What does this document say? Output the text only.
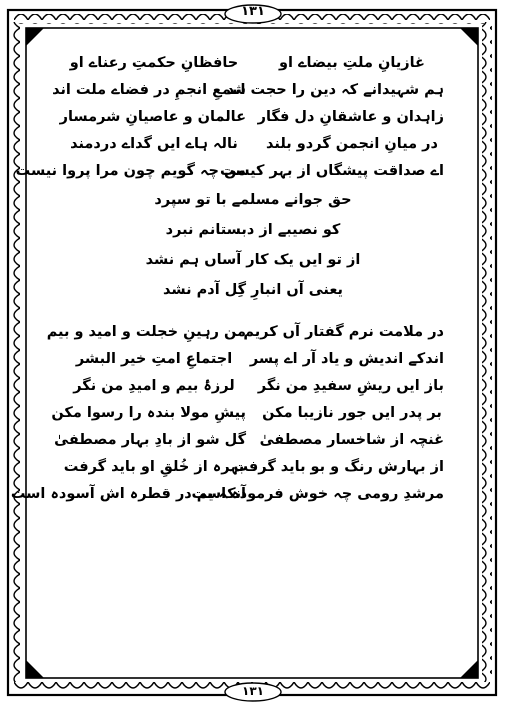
۱۳۱
غازیانِ ملتِ بیضاے او
حافظانِ حکمتِ رعناے او
ہم شہیدانے کہ دین را حجت اند
شمعِ انجمِ در فضاے ملت اند
زاہدان و عاشقانِ دل فگار
عالمان و عاصیانِ شرمسار
در میانِ انجمن گردو بلند
نالہ ہاے ایں گداے دردمند
اے صداقت پیشگاں از بہر کیست
من چہ گویم چون مرا پروا نیست
حق جوانے مسلمے با تو سپرد
کو نصیبے از دبستانم نبرد
از تو ایں یک کار آساں ہم نشد
یعنی آں انبارِ گِل آدم نشد
در ملامت نرم گفتار آں کریم
من رہینِ خجلت و امید و بیم
اندکے اندیش و یاد آر اے پسر
اجتماعِ امتِ خیر البشر
باز ایں ریشِ سفیدِ من نگر
لرزۂ بیم و امیدِ من نگر
بر پدر ایں جور نازیبا مکن
پیشِ مولا بندہ را رسوا مکن
غنچہ از شاخسار مصطفیٰ
گل شو از بادِ بہار مصطفیٰ
از بہارش رنگ و بو باید گرفت
بہرہ از خُلقِ او باید گرفت
مرشدِ رومی چہ خوش فرمودہ است
آنکہ یم در قطرہ اش آسودہ است
۱۳۱
